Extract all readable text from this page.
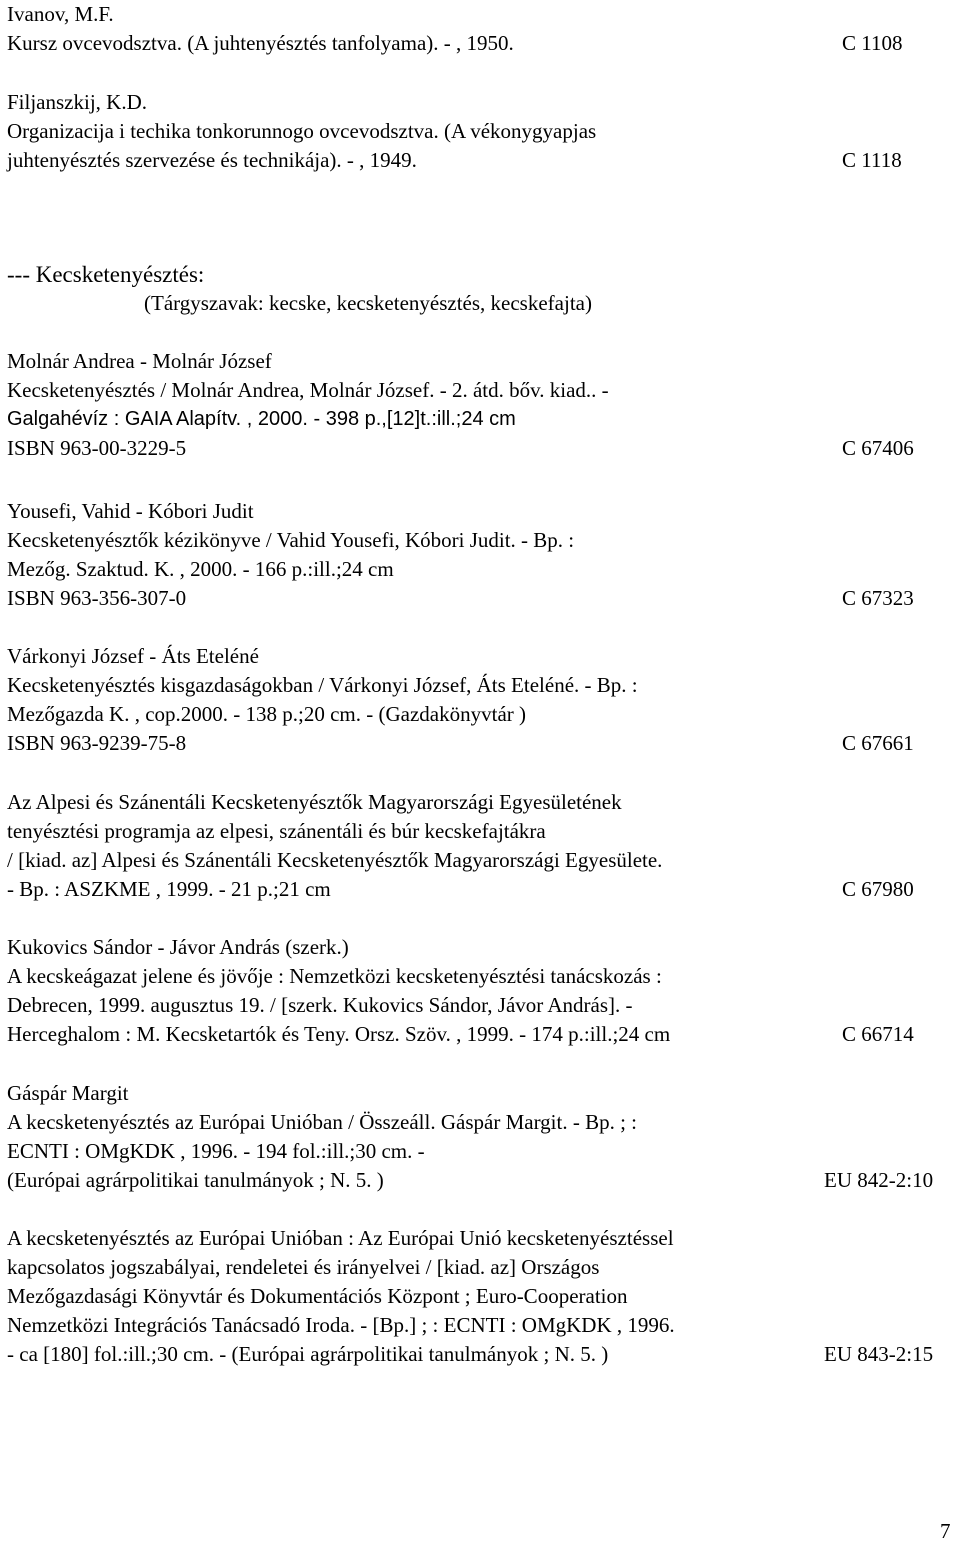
Ivanov, M.F.
Kursz ovcevodsztva. (A juhtenyésztés tanfolyama). - , 1950.	C 1108
Filjanszkij, K.D.
Organizacija i techika tonkorunnogo ovcevodsztva. (A vékonygyapjas
juhtenyésztés szervezése és technikája). - , 1949.	C 1118
--- Kecsketenyésztés:
(Tárgyszavak: kecske, kecsketenyésztés, kecskefajta)
Molnár Andrea - Molnár József
Kecsketenyésztés / Molnár Andrea, Molnár József. - 2. átd. bőv. kiad.. -
Galgahévíz : GAIA Alapítv. , 2000. - 398 p.,[12]t.:ill.;24 cm
ISBN 963-00-3229-5	C 67406
Yousefi, Vahid - Kóbori Judit
Kecsketenyésztők kézikönyve / Vahid Yousefi, Kóbori Judit. - Bp. :
Mezőg. Szaktud. K. , 2000. - 166 p.:ill.;24 cm
ISBN 963-356-307-0	C 67323
Várkonyi József - Áts Eteléné
Kecsketenyésztés kisgazdaságokban / Várkonyi József, Áts Eteléné. - Bp. :
Mezőgazda K. , cop.2000. - 138 p.;20 cm. - (Gazdakönyvtár )
ISBN 963-9239-75-8	C 67661
Az Alpesi és Szánentáli Kecsketenyésztők Magyarországi Egyesületének
tenyésztési programja az elpesi, szánentáli és búr kecskefajtákra
/ [kiad. az] Alpesi és Szánentáli Kecsketenyésztők Magyarországi Egyesülete.
- Bp. : ASZKME , 1999. - 21 p.;21 cm	C 67980
Kukovics Sándor - Jávor András (szerk.)
A kecskeágazat jelene és jövője : Nemzetközi kecsketenyésztési tanácskozás :
Debrecen, 1999. augusztus 19. / [szerk. Kukovics Sándor, Jávor András]. -
Herceghalom : M. Kecsketartók és Teny. Orsz. Szöv. , 1999. - 174 p.:ill.;24 cm	C 66714
Gáspár Margit
A kecsketenyésztés az Európai Unióban / Összeáll. Gáspár Margit. - Bp. ; :
ECNTI : OMgKDK , 1996. - 194 fol.:ill.;30 cm. -
(Európai agrárpolitikai tanulmányok ; N. 5. )	EU 842-2:10
A kecsketenyésztés az Európai Unióban : Az Európai Unió kecsketenyésztéssel
kapcsolatos jogszabályai, rendeletei és irányelvei / [kiad. az] Országos
Mezőgazdasági Könyvtár és Dokumentációs Központ ; Euro-Cooperation
Nemzetközi Integrációs Tanácsadó Iroda. - [Bp.] ; : ECNTI : OMgKDK , 1996.
- ca [180] fol.:ill.;30 cm. - (Európai agrárpolitikai tanulmányok ; N. 5. )	EU 843-2:15
7
